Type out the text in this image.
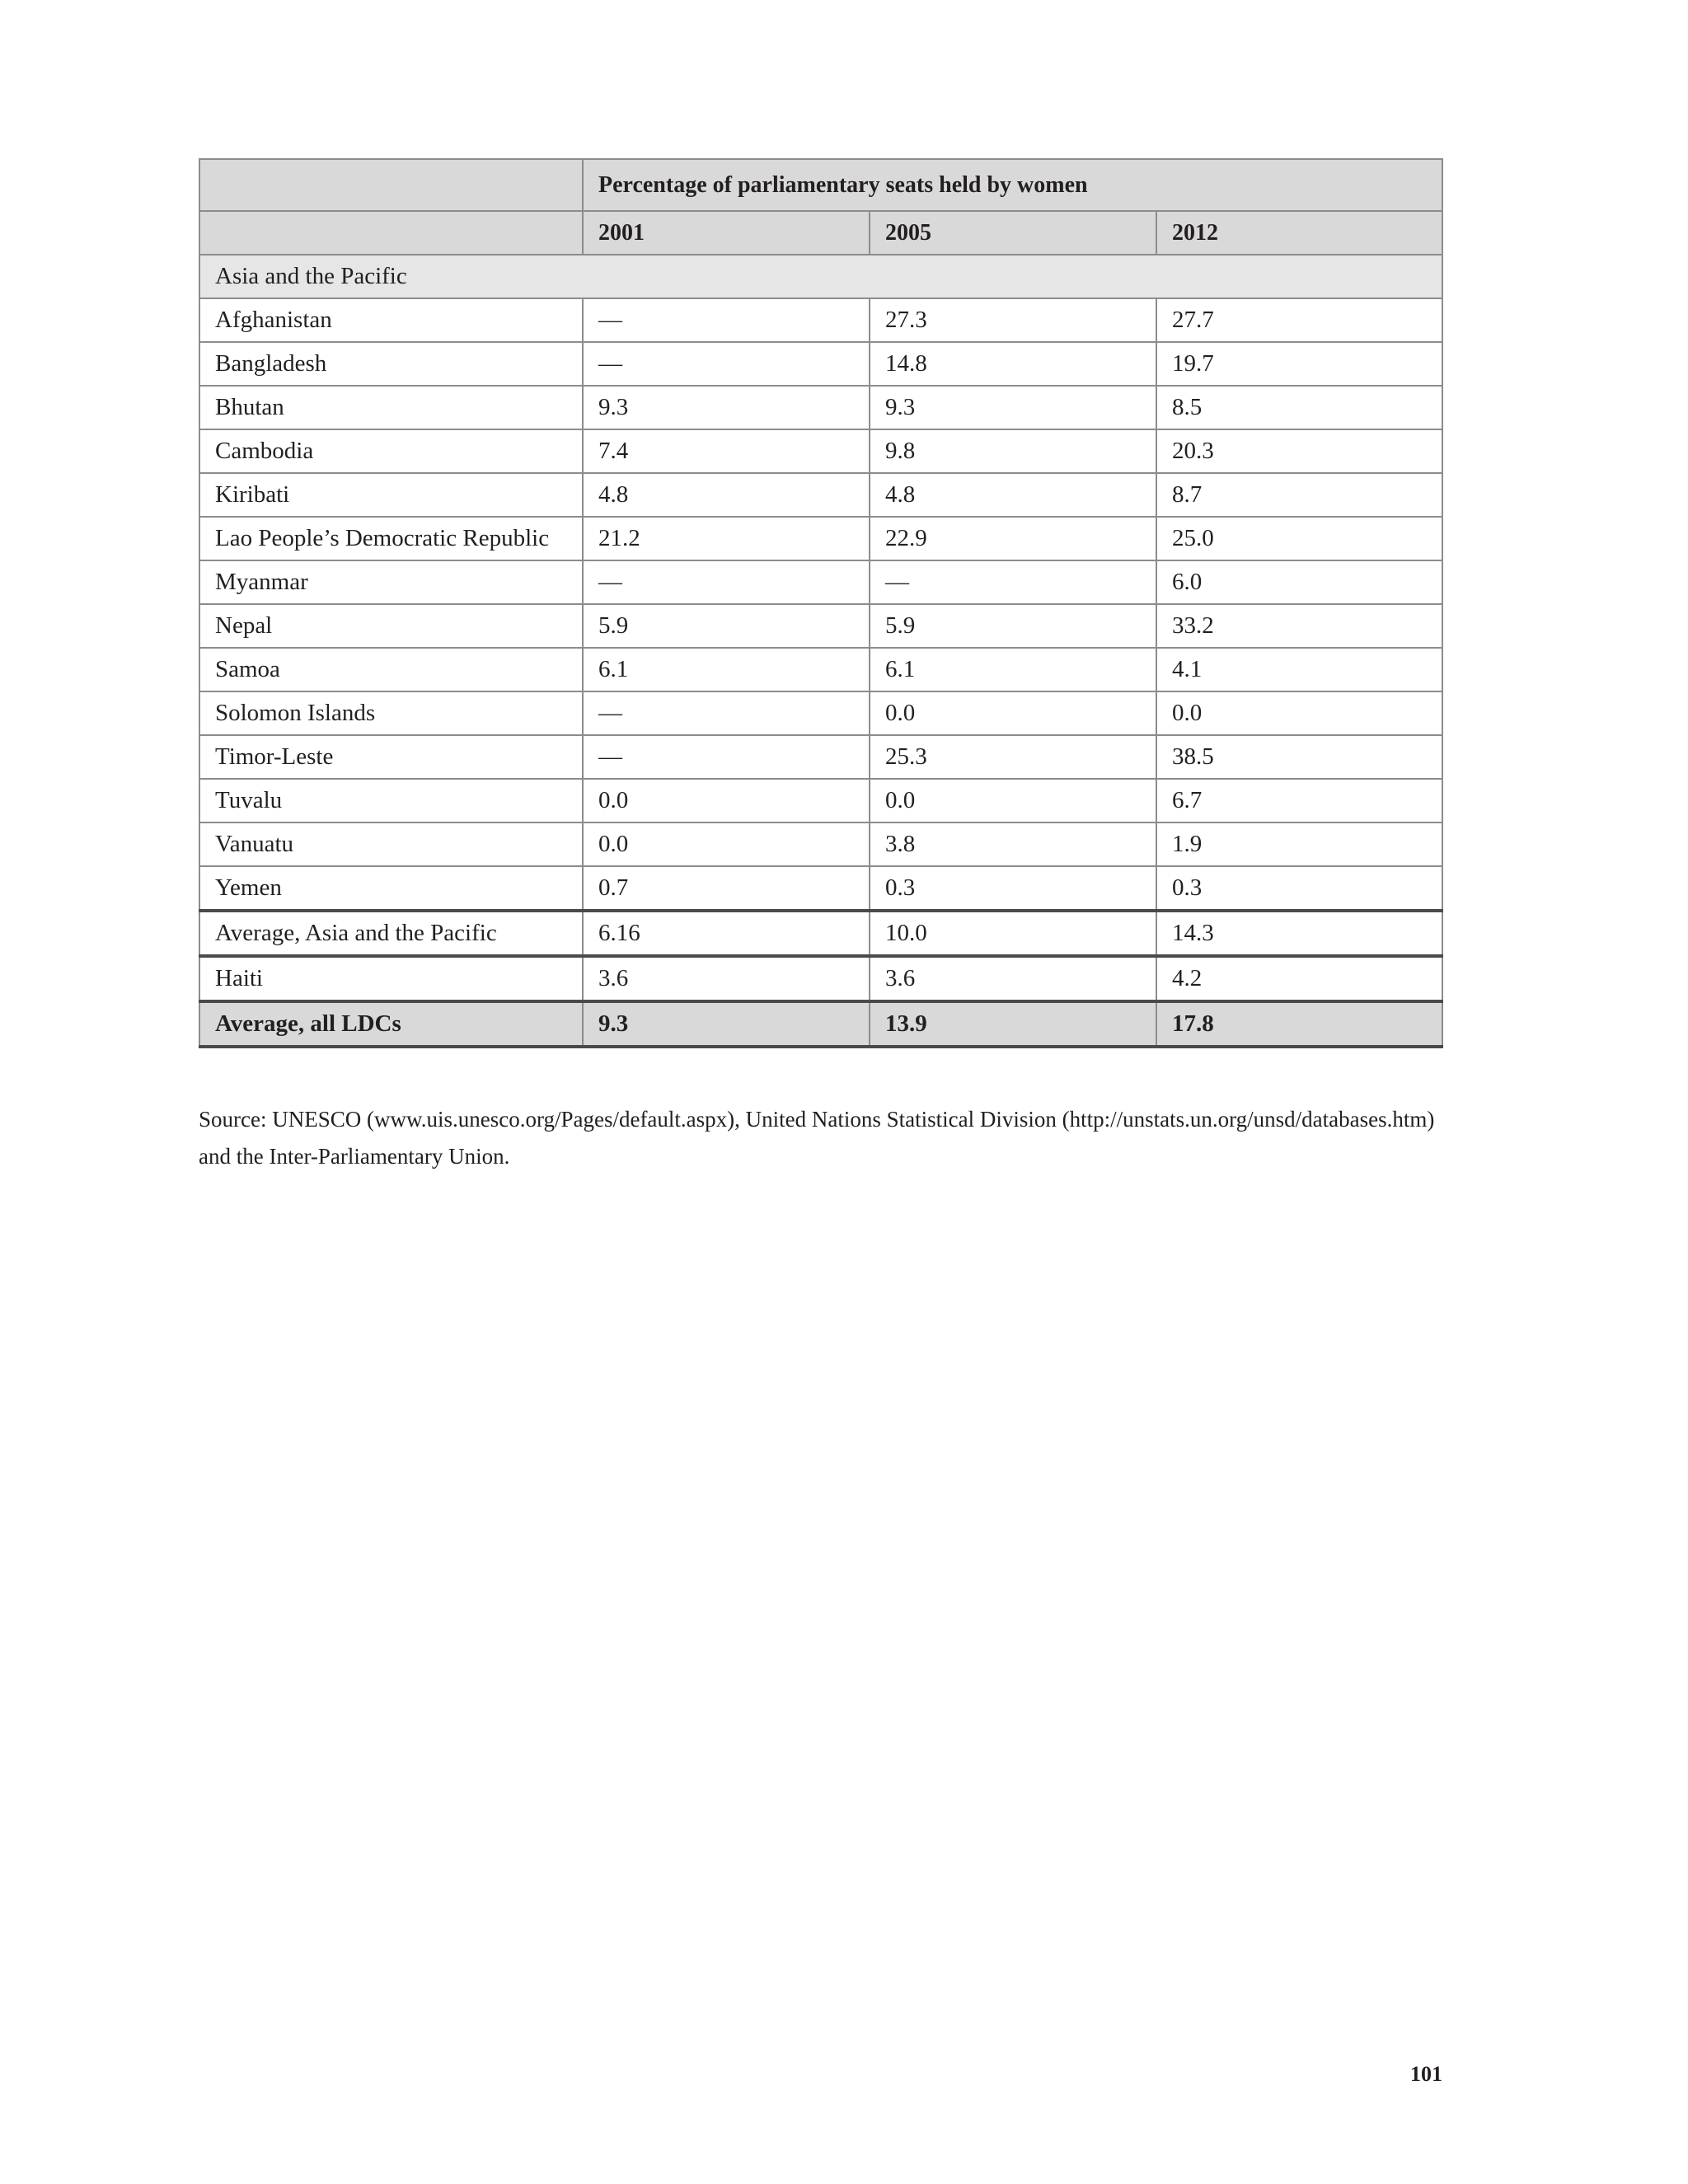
	Percentage of parliamentary seats held by women		
	2001	2005	2012
Asia and the Pacific			
Afghanistan	—	27.3	27.7
Bangladesh	—	14.8	19.7
Bhutan	9.3	9.3	8.5
Cambodia	7.4	9.8	20.3
Kiribati	4.8	4.8	8.7
Lao People’s Democratic Republic	21.2	22.9	25.0
Myanmar	—	—	6.0
Nepal	5.9	5.9	33.2
Samoa	6.1	6.1	4.1
Solomon Islands	—	0.0	0.0
Timor-Leste	—	25.3	38.5
Tuvalu	0.0	0.0	6.7
Vanuatu	0.0	3.8	1.9
Yemen	0.7	0.3	0.3
Average, Asia and the Pacific	6.16	10.0	14.3
Haiti	3.6	3.6	4.2
Average, all LDCs	9.3	13.9	17.8

Source: UNESCO (www.uis.unesco.org/Pages/default.aspx), United Nations Statistical Division (http://unstats.un.org/unsd/databases.htm) and the Inter-Parliamentary Union.

101
